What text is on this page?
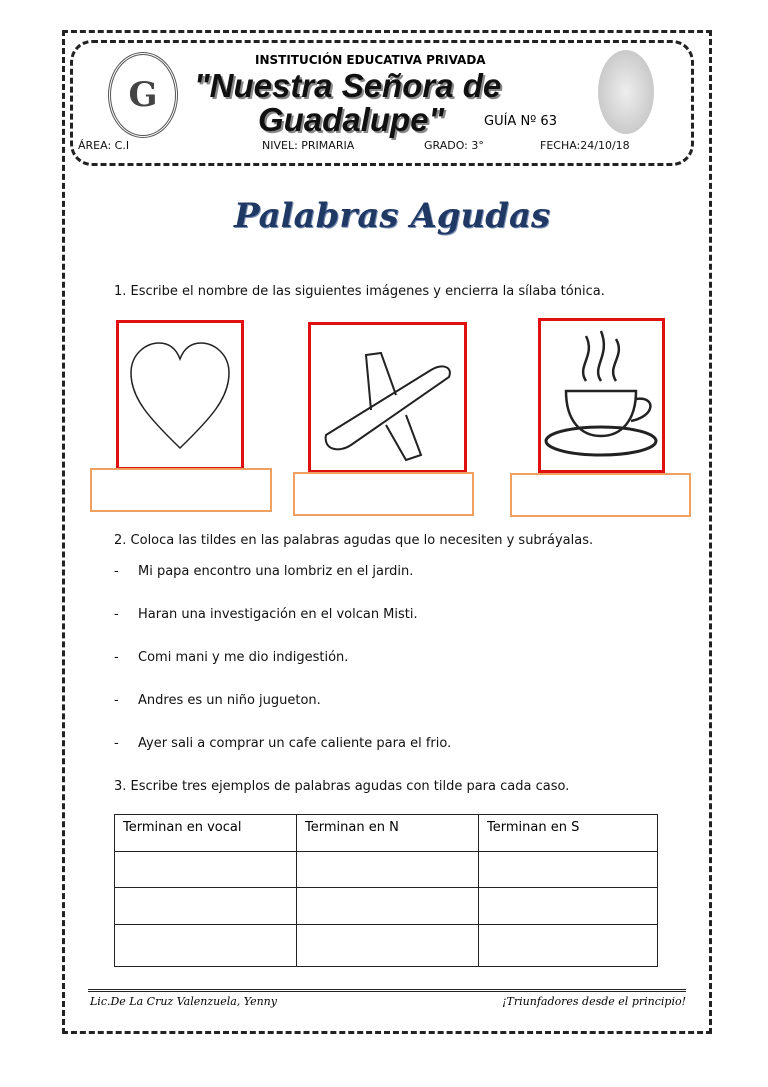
G
INSTITUCIÓN EDUCATIVA PRIVADA
"Nuestra Señora de
Guadalupe"	GUÍA Nº 63
ÁREA: C.I	NIVEL: PRIMARIA	GRADO: 3°	FECHA:24/10/18
Palabras Agudas
1. Escribe el nombre de las siguientes imágenes y encierra la sílaba tónica.
2. Coloca las tildes en las palabras agudas que lo necesiten y subráyalas.
- Mi papa encontro una lombriz en el jardin.
- Haran una investigación en el volcan Misti.
- Comi mani y me dio indigestión.
- Andres es un niño jugueton.
- Ayer sali a comprar un cafe caliente para el frio.
3. Escribe tres ejemplos de palabras agudas con tilde para cada caso.
Terminan en vocal	Terminan en N	Terminan en S

Lic.De La Cruz Valenzuela, Yenny	¡Triunfadores desde el principio!
